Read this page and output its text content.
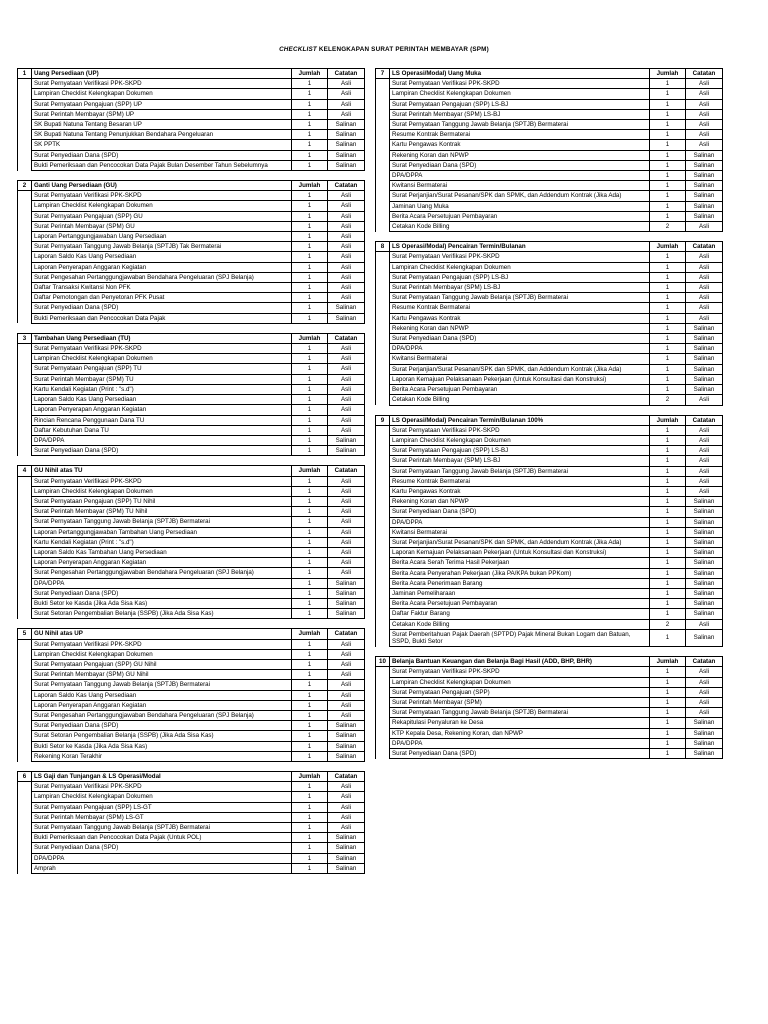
CHECKLIST KELENGKAPAN SURAT PERINTAH MEMBAYAR (SPM)
1	Uang Persediaan (UP)	Jumlah	Catatan
	Surat Pernyataan Verifikasi PPK-SKPD	1	Asli
	Lampiran Checklist Kelengkapan Dokumen	1	Asli
	Surat Pernyataan Pengajuan (SPP) UP	1	Asli
	Surat Perintah Membayar (SPM) UP	1	Asli
	SK Bupati Natuna Tentang Besaran UP	1	Salinan
	SK Bupati Natuna Tentang Penunjukkan Bendahara Pengeluaran	1	Salinan
	SK PPTK	1	Salinan
	Surat Penyediaan Dana (SPD)	1	Salinan
	Bukti Pemeriksaan dan Pencocokan Data Pajak Bulan Desember Tahun Sebelumnya	1	Salinan
2	Ganti Uang Persediaan (GU)	Jumlah	Catatan
	Surat Pernyataan Verifikasi PPK-SKPD	1	Asli
	Lampiran Checklist Kelengkapan Dokumen	1	Asli
	Surat Pernyataan Pengajuan (SPP) GU	1	Asli
	Surat Perintah Membayar (SPM) GU	1	Asli
	Laporan Pertanggungjawaban Uang Persediaan	1	Asli
	Surat Pernyataan Tanggung Jawab Belanja (SPTJB) Tak Bermaterai	1	Asli
	Laporan Saldo Kas Uang Persediaan	1	Asli
	Laporan Penyerapan Anggaran Kegiatan	1	Asli
	Surat Pengesahan Pertanggungjawaban Bendahara Pengeluaran (SPJ Belanja)	1	Asli
	Daftar Transaksi Kwitansi Non PFK	1	Asli
	Daftar Pemotongan dan Penyetoran PFK Pusat	1	Asli
	Surat Penyediaan Dana (SPD)	1	Salinan
	Bukti Pemeriksaan dan Pencocokan Data Pajak	1	Salinan
3	Tambahan Uang Persediaan (TU)	Jumlah	Catatan
	Surat Pernyataan Verifikasi PPK-SKPD	1	Asli
	Lampiran Checklist Kelengkapan Dokumen	1	Asli
	Surat Pernyataan Pengajuan (SPP) TU	1	Asli
	Surat Perintah Membayar (SPM) TU	1	Asli
	Kartu Kendali Kegiatan (Print : "s.d")	1	Asli
	Laporan Saldo Kas Uang Persediaan	1	Asli
	Laporan Penyerapan Anggaran Kegiatan	1	Asli
	Rincian Rencana Penggunaan Dana TU	1	Asli
	Daftar Kebutuhan Dana TU	1	Asli
	DPA/DPPA	1	Salinan
	Surat Penyediaan Dana (SPD)	1	Salinan
4	GU Nihil atas TU	Jumlah	Catatan
	Surat Pernyataan Verifikasi PPK-SKPD	1	Asli
	Lampiran Checklist Kelengkapan Dokumen	1	Asli
	Surat Pernyataan Pengajuan (SPP) TU Nihil	1	Asli
	Surat Perintah Membayar (SPM) TU Nihil	1	Asli
	Surat Pernyataan Tanggung Jawab Belanja (SPTJB) Bermaterai	1	Asli
	Laporan Pertanggungjawaban Tambahan Uang Persediaan	1	Asli
	Kartu Kendali Kegiatan (Print : "s.d")	1	Asli
	Laporan Saldo Kas Tambahan Uang Persediaan	1	Asli
	Laporan Penyerapan Anggaran Kegiatan	1	Asli
	Surat Pengesahan Pertanggungjawaban Bendahara Pengeluaran (SPJ Belanja)	1	Asli
	DPA/DPPA	1	Salinan
	Surat Penyediaan Dana (SPD)	1	Salinan
	Bukti Setor ke Kasda (Jika Ada Sisa Kas)	1	Salinan
	Surat Setoran Pengembalian Belanja (SSPB) (Jika Ada Sisa Kas)	1	Salinan
5	GU Nihil atas UP	Jumlah	Catatan
	Surat Pernyataan Verifikasi PPK-SKPD	1	Asli
	Lampiran Checklist Kelengkapan Dokumen	1	Asli
	Surat Pernyataan Pengajuan (SPP) GU Nihil	1	Asli
	Surat Perintah Membayar (SPM) GU Nihil	1	Asli
	Surat Pernyataan Tanggung Jawab Belanja (SPTJB) Bermaterai	1	Asli
	Laporan Saldo Kas Uang Persediaan	1	Asli
	Laporan Penyerapan Anggaran Kegiatan	1	Asli
	Surat Pengesahan Pertanggungjawaban Bendahara Pengeluaran (SPJ Belanja)	1	Asli
	Surat Penyediaan Dana (SPD)	1	Salinan
	Surat Setoran Pengembalian Belanja (SSPB) (Jika Ada Sisa Kas)	1	Salinan
	Bukti Setor ke Kasda (Jika Ada Sisa Kas)	1	Salinan
	Rekening Koran Terakhir	1	Salinan
6	LS Gaji dan Tunjangan & LS Operasi/Modal	Jumlah	Catatan
	Surat Pernyataan Verifikasi PPK-SKPD	1	Asli
	Lampiran Checklist Kelengkapan Dokumen	1	Asli
	Surat Pernyataan Pengajuan (SPP) LS-GT	1	Asli
	Surat Perintah Membayar (SPM) LS-GT	1	Asli
	Surat Pernyataan Tanggung Jawab Belanja (SPTJB) Bermaterai	1	Asli
	Bukti Pemeriksaan dan Pencocokan Data Pajak (Untuk POL)	1	Salinan
	Surat Penyediaan Dana (SPD)	1	Salinan
	DPA/DPPA	1	Salinan
	Amprah	1	Salinan
7	LS Operasi/Modal) Uang Muka	Jumlah	Catatan
	Surat Pernyataan Verifikasi PPK-SKPD	1	Asli
	Lampiran Checklist Kelengkapan Dokumen	1	Asli
	Surat Pernyataan Pengajuan (SPP) LS-BJ	1	Asli
	Surat Perintah Membayar (SPM) LS-BJ	1	Asli
	Surat Pernyataan Tanggung Jawab Belanja (SPTJB) Bermaterai	1	Asli
	Resume Kontrak Bermaterai	1	Asli
	Kartu Pengawas Kontrak	1	Asli
	Rekening Koran dan NPWP	1	Salinan
	Surat Penyediaan Dana (SPD)	1	Salinan
	DPA/DPPA	1	Salinan
	Kwitansi Bermaterai	1	Salinan
	Surat Perjanjian/Surat Pesanan/SPK dan SPMK, dan Addendum Kontrak (Jika Ada)	1	Salinan
	Jaminan Uang Muka	1	Salinan
	Berita Acara Persetujuan Pembayaran	1	Salinan
	Cetakan Kode Billing	2	Asli
8	LS Operasi/Modal) Pencairan Termin/Bulanan	Jumlah	Catatan
	Surat Pernyataan Verifikasi PPK-SKPD	1	Asli
	Lampiran Checklist Kelengkapan Dokumen	1	Asli
	Surat Pernyataan Pengajuan (SPP) LS-BJ	1	Asli
	Surat Perintah Membayar (SPM) LS-BJ	1	Asli
	Surat Pernyataan Tanggung Jawab Belanja (SPTJB) Bermaterai	1	Asli
	Resume Kontrak Bermaterai	1	Asli
	Kartu Pengawas Kontrak	1	Asli
	Rekening Koran dan NPWP	1	Salinan
	Surat Penyediaan Dana (SPD)	1	Salinan
	DPA/DPPA	1	Salinan
	Kwitansi Bermaterai	1	Salinan
	Surat Perjanjian/Surat Pesanan/SPK dan SPMK, dan Addendum Kontrak (Jika Ada)	1	Salinan
	Laporan Kemajuan Pelaksanaan Pekerjaan (Untuk Konsultasi dan Konstruksi)	1	Salinan
	Berita Acara Persetujuan Pembayaran	1	Salinan
	Cetakan Kode Billing	2	Asli
9	LS Operasi/Modal) Pencairan Termin/Bulanan 100%	Jumlah	Catatan
	Surat Pernyataan Verifikasi PPK-SKPD	1	Asli
	Lampiran Checklist Kelengkapan Dokumen	1	Asli
	Surat Pernyataan Pengajuan (SPP) LS-BJ	1	Asli
	Surat Perintah Membayar (SPM) LS-BJ	1	Asli
	Surat Pernyataan Tanggung Jawab Belanja (SPTJB) Bermaterai	1	Asli
	Resume Kontrak Bermaterai	1	Asli
	Kartu Pengawas Kontrak	1	Asli
	Rekening Koran dan NPWP	1	Salinan
	Surat Penyediaan Dana (SPD)	1	Salinan
	DPA/DPPA	1	Salinan
	Kwitansi Bermaterai	1	Salinan
	Surat Perjanjian/Surat Pesanan/SPK dan SPMK, dan Addendum Kontrak (Jika Ada)	1	Salinan
	Laporan Kemajuan Pelaksanaan Pekerjaan (Untuk Konsultasi dan Konstruksi)	1	Salinan
	Berita Acara Serah Terima Hasil Pekerjaan	1	Salinan
	Berita Acara Penyerahan Pekerjaan (Jika PA/KPA bukan PPKom)	1	Salinan
	Berita Acara Penerimaan Barang	1	Salinan
	Jaminan Pemeliharaan	1	Salinan
	Berita Acara Persetujuan Pembayaran	1	Salinan
	Daftar Faktur Barang	1	Salinan
	Cetakan Kode Billing	2	Asli
	Surat Pemberitahuan Pajak Daerah (SPTPD) Pajak Mineral Bukan Logam dan Batuan, SSPD, Bukti Setor	1	Salinan
10	Belanja Bantuan Keuangan dan Belanja Bagi Hasil (ADD, BHP, BHR)	Jumlah	Catatan
	Surat Pernyataan Verifikasi PPK-SKPD	1	Asli
	Lampiran Checklist Kelengkapan Dokumen	1	Asli
	Surat Pernyataan Pengajuan (SPP)	1	Asli
	Surat Perintah Membayar (SPM)	1	Asli
	Surat Pernyataan Tanggung Jawab Belanja (SPTJB) Bermaterai	1	Asli
	Rekapitulasi Penyaluran ke Desa	1	Salinan
	KTP Kepala Desa, Rekening Koran, dan NPWP	1	Salinan
	DPA/DPPA	1	Salinan
	Surat Penyediaan Dana (SPD)	1	Salinan
